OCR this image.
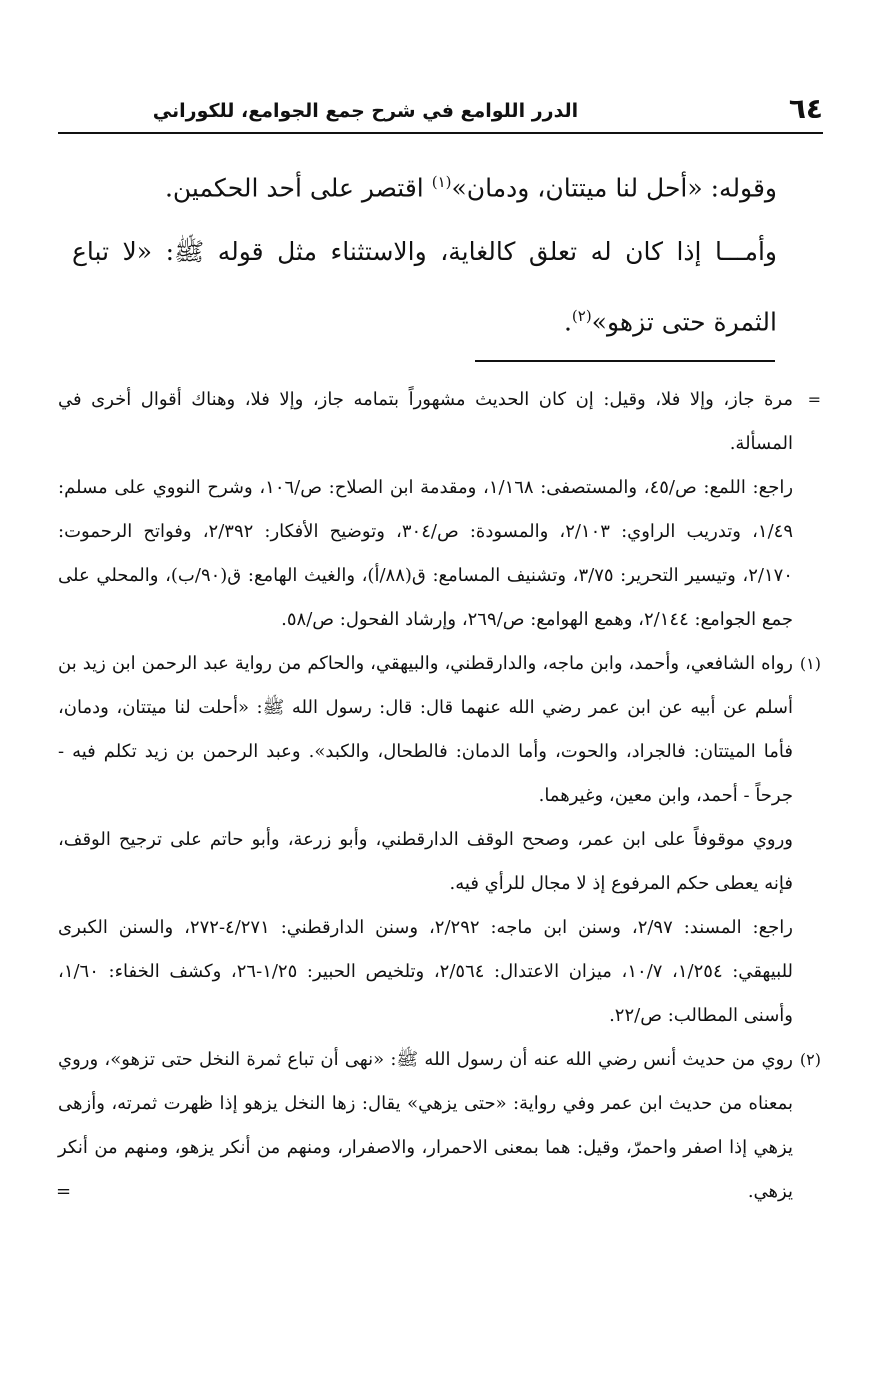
٦٤
الدرر اللوامع في شرح جمع الجوامع، للكوراني

وقوله: «أحل لنا ميتتان، ودمان»$^{(١)}$ اقتصر على أحد الحكمين.

وأمـــا إذا كان له تعلق كالغاية، والاستثناء مثل قوله ﷺ: «لا تباع الثمرة حتى تزهو»$^{(٢)}$.

=
مرة جاز، وإلا فلا، وقيل: إن كان الحديث مشهوراً بتمامه جاز، وإلا فلا، وهناك أقوال أخرى في المسألة.
راجع: اللمع: ص/٤٥، والمستصفى: ١/١٦٨، ومقدمة ابن الصلاح: ص/١٠٦، وشرح النووي على مسلم: ١/٤٩، وتدريب الراوي: ٢/١٠٣، والمسودة: ص/٣٠٤، وتوضيح الأفكار: ٢/٣٩٢، وفواتح الرحموت: ٢/١٧٠، وتيسير التحرير: ٣/٧٥، وتشنيف المسامع: ق(٨٨/أ)، والغيث الهامع: ق(٩٠/ب)، والمحلي على جمع الجوامع: ٢/١٤٤، وهمع الهوامع: ص/٢٦٩، وإرشاد الفحول: ص/٥٨.
(١)
رواه الشافعي، وأحمد، وابن ماجه، والدارقطني، والبيهقي، والحاكم من رواية عبد الرحمن ابن زيد بن أسلم عن أبيه عن ابن عمر رضي الله عنهما قال: قال: رسول الله ﷺ: «أحلت لنا ميتتان، ودمان، فأما الميتتان: فالجراد، والحوت، وأما الدمان: فالطحال، والكبد». وعبد الرحمن بن زيد تكلم فيه - جرحاً - أحمد، وابن معين، وغيرهما.
وروي موقوفاً على ابن عمر، وصحح الوقف الدارقطني، وأبو زرعة، وأبو حاتم على ترجيح الوقف، فإنه يعطى حكم المرفوع إذ لا مجال للرأي فيه.
راجع: المسند: ٢/٩٧، وسنن ابن ماجه: ٢/٢٩٢، وسنن الدارقطني: ٤/٢٧١-٢٧٢، والسنن الكبرى للبيهقي: ١/٢٥٤، ١٠/٧، ميزان الاعتدال: ٢/٥٦٤، وتلخيص الحبير: ١/٢٥-٢٦، وكشف الخفاء: ١/٦٠، وأسنى المطالب: ص/٢٢.
(٢)
روي من حديث أنس رضي الله عنه أن رسول الله ﷺ: «نهى أن تباع ثمرة النخل حتى تزهو»، وروي بمعناه من حديث ابن عمر وفي رواية: «حتى يزهي» يقال: زها النخل يزهو إذا ظهرت ثمرته، وأزهى يزهي إذا اصفر واحمرّ، وقيل: هما بمعنى الاحمرار، والاصفرار، ومنهم من أنكر يزهو، ومنهم من أنكر يزهي.
=
